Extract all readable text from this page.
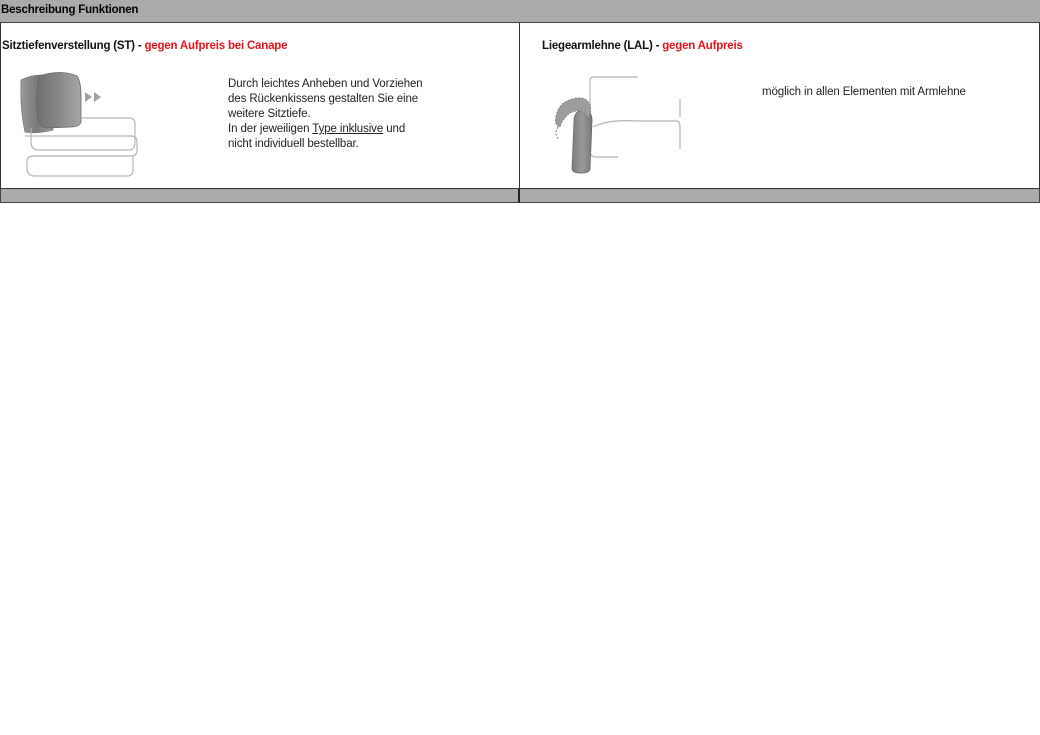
Beschreibung Funktionen
Sitztiefenverstellung (ST) - gegen Aufpreis bei Canape
Durch leichtes Anheben und Vorziehen
des Rückenkissens gestalten Sie eine
weitere Sitztiefe.
In der jeweiligen Type inklusive und
nicht individuell bestellbar.
Liegearmlehne (LAL) - gegen Aufpreis
möglich in allen Elementen mit Armlehne
